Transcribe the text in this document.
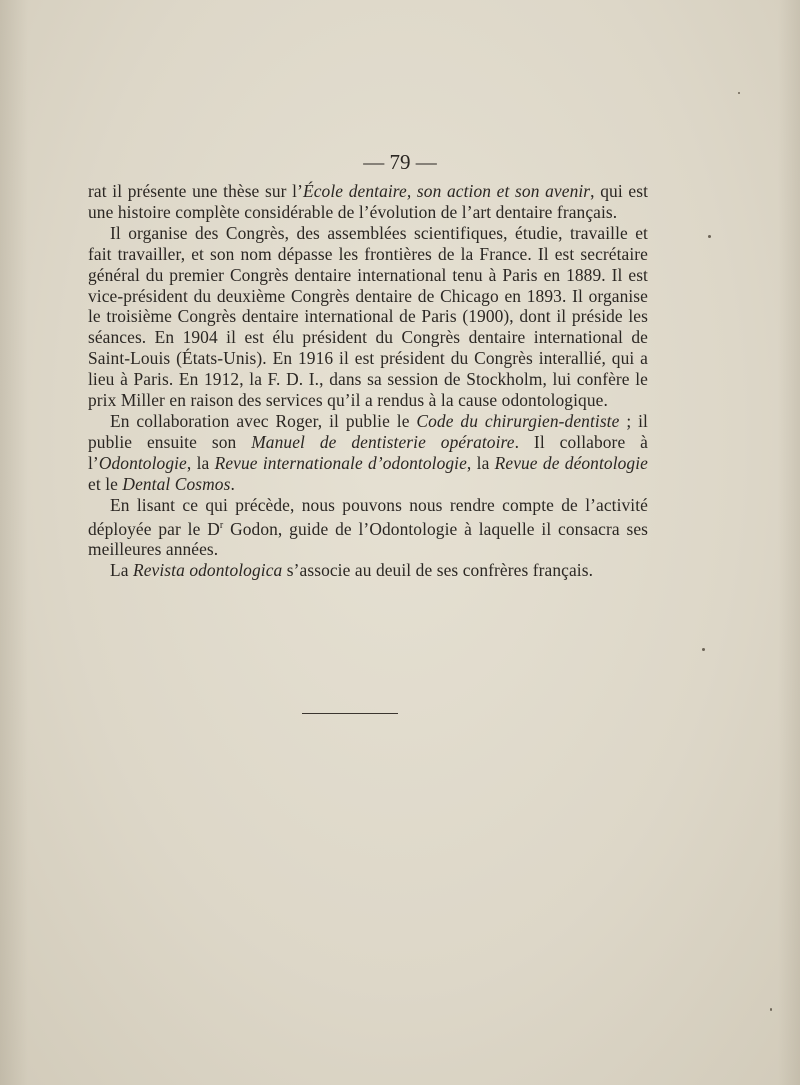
— 79 —

rat il présente une thèse sur l’École dentaire, son action et son avenir, qui est une histoire complète considérable de l’évolution de l’art dentaire français.

Il organise des Congrès, des assemblées scientifiques, étudie, travaille et fait travailler, et son nom dépasse les frontières de la France. Il est secrétaire général du premier Congrès dentaire international tenu à Paris en 1889. Il est vice-président du deuxième Congrès dentaire de Chicago en 1893. Il organise le troisième Congrès dentaire international de Paris (1900), dont il préside les séances. En 1904 il est élu président du Congrès dentaire international de Saint-Louis (États-Unis). En 1916 il est président du Congrès interallié, qui a lieu à Paris. En 1912, la F. D. I., dans sa session de Stockholm, lui confère le prix Miller en raison des services qu’il a rendus à la cause odontologique.

En collaboration avec Roger, il publie le Code du chirurgien-dentiste ; il publie ensuite son Manuel de dentisterie opératoire. Il collabore à l’Odontologie, la Revue internationale d’odontologie, la Revue de déontologie et le Dental Cosmos.

En lisant ce qui précède, nous pouvons nous rendre compte de l’activité déployée par le $D^r$ Godon, guide de l’Odontologie à laquelle il consacra ses meilleures années.

La Revista odontologica s’associe au deuil de ses confrères français.
